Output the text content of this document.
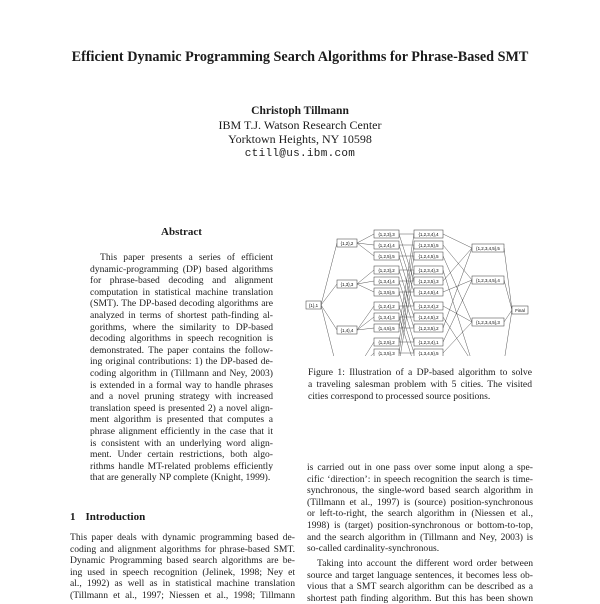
Efficient Dynamic Programming Search Algorithms for Phrase-Based SMT
Christoph Tillmann
IBM T.J. Watson Research Center
Yorktown Heights, NY 10598
ctill@us.ibm.com
Abstract
This paper presents a series of efficient
dynamic-programming (DP) based algorithms
for phrase-based decoding and alignment
computation in statistical machine translation
(SMT). The DP-based decoding algorithms are
analyzed in terms of shortest path-finding al-
gorithms, where the similarity to DP-based
decoding algorithms in speech recognition is
demonstrated. The paper contains the follow-
ing original contributions: 1) the DP-based de-
coding algorithm in (Tillmann and Ney, 2003)
is extended in a formal way to handle phrases
and a novel pruning strategy with increased
translation speed is presented 2) a novel align-
ment algorithm is presented that computes a
phrase alignment efficiently in the case that it
is consistent with an underlying word align-
ment. Under certain restrictions, both algo-
rithms handle MT-related problems efficiently
that are generally NP complete (Knight, 1999).
1 Introduction
This paper deals with dynamic programming based de-
coding and alignment algorithms for phrase-based SMT.
Dynamic Programming based search algorithms are be-
ing used in speech recognition (Jelinek, 1998; Ney et
al., 1992) as well as in statistical machine translation
(Tillmann et al., 1997; Niessen et al., 1998; Tillmann
{1},1
{1,2},2
{1,3},3
{1,4},4
{1,2,3},3
{1,2,4},4
{1,2,5},5
{1,2,3},2
{1,3,4},4
{1,3,5},5
{1,2,4},2
{1,3,4},3
{1,4,5},5
{1,2,5},2
{1,3,5},3
{1,2,3,4},4
{1,2,3,5},5
{1,2,4,5},5
{1,2,3,4},3
{1,2,3,5},3
{1,2,4,5},4
{1,2,3,4},2
{1,2,4,5},2
{1,2,3,5},2
{1,2,3,4},1
{1,3,4,5},5
{1,2,3,4,5},5
{1,2,3,4,5},4
{1,2,3,4,5},3
Final
Figure 1: Illustration of a DP-based algorithm to solve
a traveling salesman problem with 5 cities. The visited
cities correspond to processed source positions.
is carried out in one pass over some input along a spe-
cific ‘direction’: in speech recognition the search is time-
synchronous, the single-word based search algorithm in
(Tillmann et al., 1997) is (source) position-synchronous
or left-to-right, the search algorithm in (Niessen et al.,
1998) is (target) position-synchronous or bottom-to-top,
and the search algorithm in (Tillmann and Ney, 2003) is
so-called cardinality-synchronous.
Taking into account the different word order between
source and target language sentences, it becomes less ob-
vious that a SMT search algorithm can be described as a
shortest path finding algorithm. But this has been shown
